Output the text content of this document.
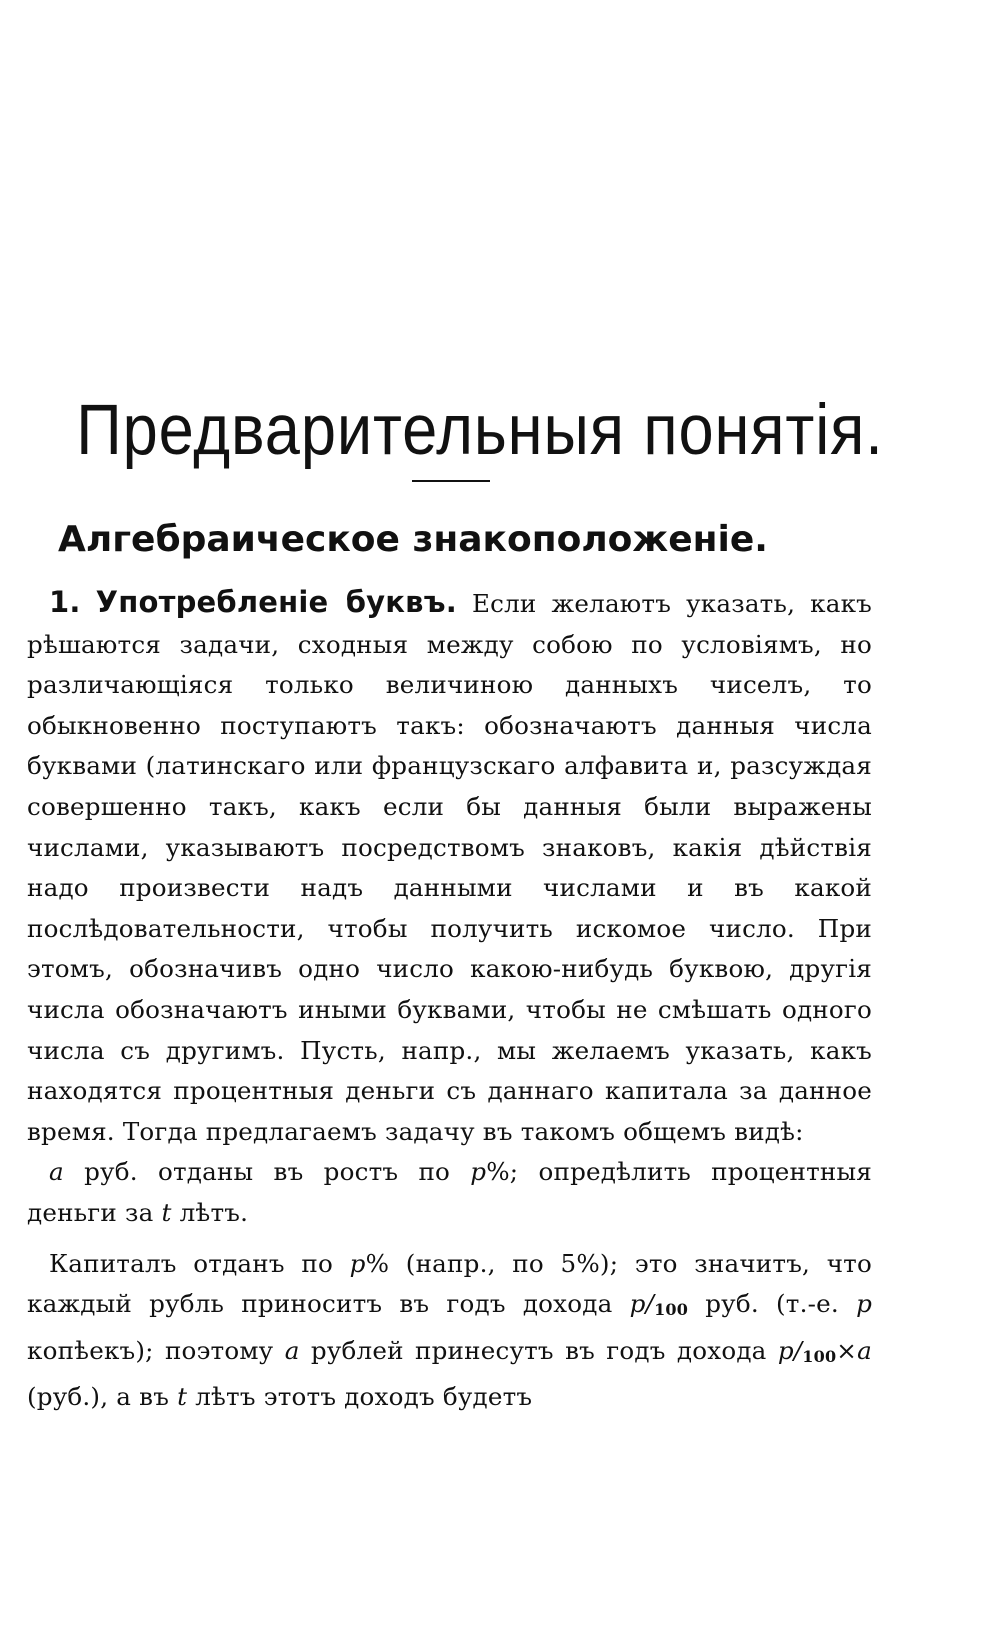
Предварительныя понятія.
Алгебраическое знакоположеніе.

1. Употребленіе буквъ. Если желаютъ указать, какъ рѣшаются задачи, сходныя между собою по условіямъ, но различающіяся только величиною данныхъ чиселъ, то обыкновенно поступаютъ такъ: обозначаютъ данныя числа буквами (латинскаго или французскаго алфавита и, разсуждая совершенно такъ, какъ если бы данныя были выражены числами, указываютъ посредствомъ знаковъ, какія дѣйствія надо произвести надъ данными числами и въ какой послѣдовательности, чтобы получить искомое число. При этомъ, обозначивъ одно число какою-нибудь буквою, другія числа обозначаютъ иными буквами, чтобы не смѣшать одного числа съ другимъ. Пусть, напр., мы желаемъ указать, какъ находятся процентныя деньги съ даннаго капитала за данное время. Тогда предлагаемъ задачу въ такомъ общемъ видѣ:

a руб. отданы въ ростъ по p%; опредѣлить процентныя деньги за t лѣтъ.

Капиталъ отданъ по p% (напр., по 5%); это значитъ, что каждый рубль приноситъ въ годъ дохода p/100 руб. (т.-е. p копѣекъ); поэтому a рублей принесутъ въ годъ дохода p/100×a (руб.), а въ t лѣтъ этотъ доходъ будетъ
